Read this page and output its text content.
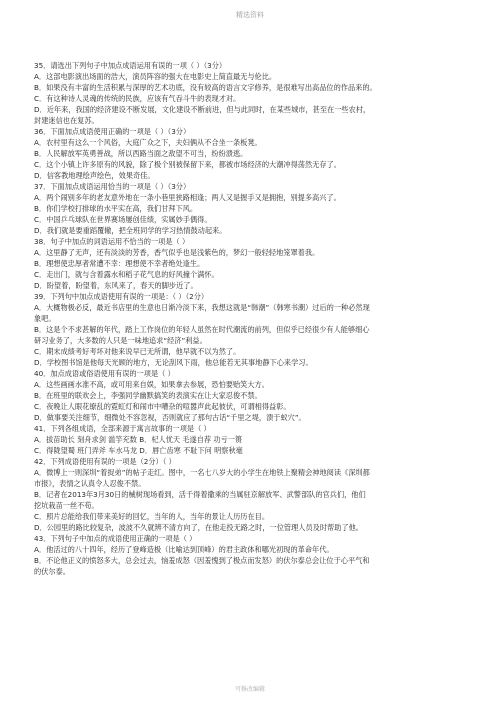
精选资料
35．请选出下列句子中加点成语运用有误的一项（ ）（3分）
A．这部电影演出场面的浩大，演员阵容的强大在电影史上简直最无与伦比。
B．如果没有丰富的生活积累与深厚的艺术功底，没有较高的语言文字修养，是很难写出高品位的作品来的。
C．有这种诗人灵魂的传统的民族，应该有气吞斗牛的表现才对。
D．近年来，我国的经济建设不断发展，文化建设不断前进，但与此同时，在某些城市，甚至在一些农村，
封建迷信也在复苏。
36．下面加点成语使用正确的一项是（ ）（3分）
A．农村里有这么一个风俗，大庭广众之下，夫妇俩从不合坐一条板凳。
B．人民解放军英勇善战，所以西路当面之敌望不可当，纷纷溃逃。
C．这个小镇上许多原有的风貌，除了极个别被保留下来，都被市场经济的大潮冲得荡然无存了。
D．信客教地理绘声绘色，效果奇佳。
37．下面加点成语运用恰当的一项是（ ）（3分）
A．两个闹别多年的老友意外地在一条小巷里狭路相逢；两人又是握手又是拥抱，别提多高兴了。
B．你们学校打排球的水平实在高，我们甘拜下风。
C．中国乒乓球队在世界赛场屡创佳绩，实属妙手偶得。
D．我们就是要重蹈覆辙，把全班同学的学习热情鼓动起来。
38．句子中加点的词语运用不恰当的一项是（ ）
A．这里静了无声，还有淡淡的芳香，香气似乎也是浅紫色的，梦幻一般轻轻地笼罩着我。
B．理想使忠厚者常遭不幸：理想使不幸者绝处逢生。
C．走出门，就与含着露水和稻子花气息的好风撞个满怀。
D．盼望着，盼望着，东风来了，春天的脚步近了。
39．下列句中加点成语使用有误的一项是：（ ）（2分）
A．大概物极必反，最近书店里的生意也日渐冷淡下来，我想这就是“韩潮”（韩寒书潮）过后的一种必然现
象吧。
B．这是个不求甚解的年代，踏上工作岗位的年轻人虽然在时代潮流的前列，但似乎已经很少有人能够细心
研习业务了，大多数的人只是一味地追求“经济”利益。
C．期末成绩考好考坏对他来说早已无所谓，他早就不以为然了。
D．学校图书馆是他每天光顾的地方，无论刮风下雨，他总能若无其事地静下心来学习。
40．加点成语或俗语使用有误的一项是（ ）
A．这些画画水准不高，或可用来自娱，如果拿去参展，恐怕要贻笑大方。
B．在班里的联欢会上，李强同学幽默搞笑的表演实在让大家忍俊不禁。
C．夜晚让人眼花缭乱的霓虹灯和闹市中嘈杂的喧嚣声此起彼伏，可谓相得益彰。
D．做事要关注细节，细微处不容忽视，否则就应了那句古话“千里之堤，溃于蚁穴”。
41．下列各组成语，全部来源于寓言故事的一项是（ ）
A．拔苗助长 刻舟求剑 滥竽充数 B．杞人忧天 毛遂自荐 功亏一篑
C．得陇望蜀 班门弄斧 车水马龙 D．唇亡齿寒 不耻下问 明察秋毫
42．下列成语使用有误的一项是（2分）（ ）
A．微博上一则深圳“着捉弟”的帖子走红。图中，一名七八岁大的小学生在地铁上聚精会神地阅读《深圳都
市报》，表情之认真令人忍俊不禁。
B．记者在2013年3月30日的械树现场看到，活千得着撒乘的当属驻京解放军、武警部队的官兵们，他们
挖坑栽苗一丝不苟。
C．照片总能给我们带来美好的回忆，当年的人，当年的景让人历历在目。
D．公园里的路比较复杂，波波不久就辨不清方向了，在他走投无路之时，一位管理人员及时帮助了他。
43．下列句子中加点的成语使用正确的一项是（ ）
A．他活过的八十四年，经历了登峰造极（比喻达到顶峰）的君主政体和哪光初现的革命年代。
B．不论他正义的愤怒多大，总会过去，恼羞成怒（因羞愧到了极点而发怒）的伏尔泰总会让位于心平气和
的伏尔泰。
可修改编辑
